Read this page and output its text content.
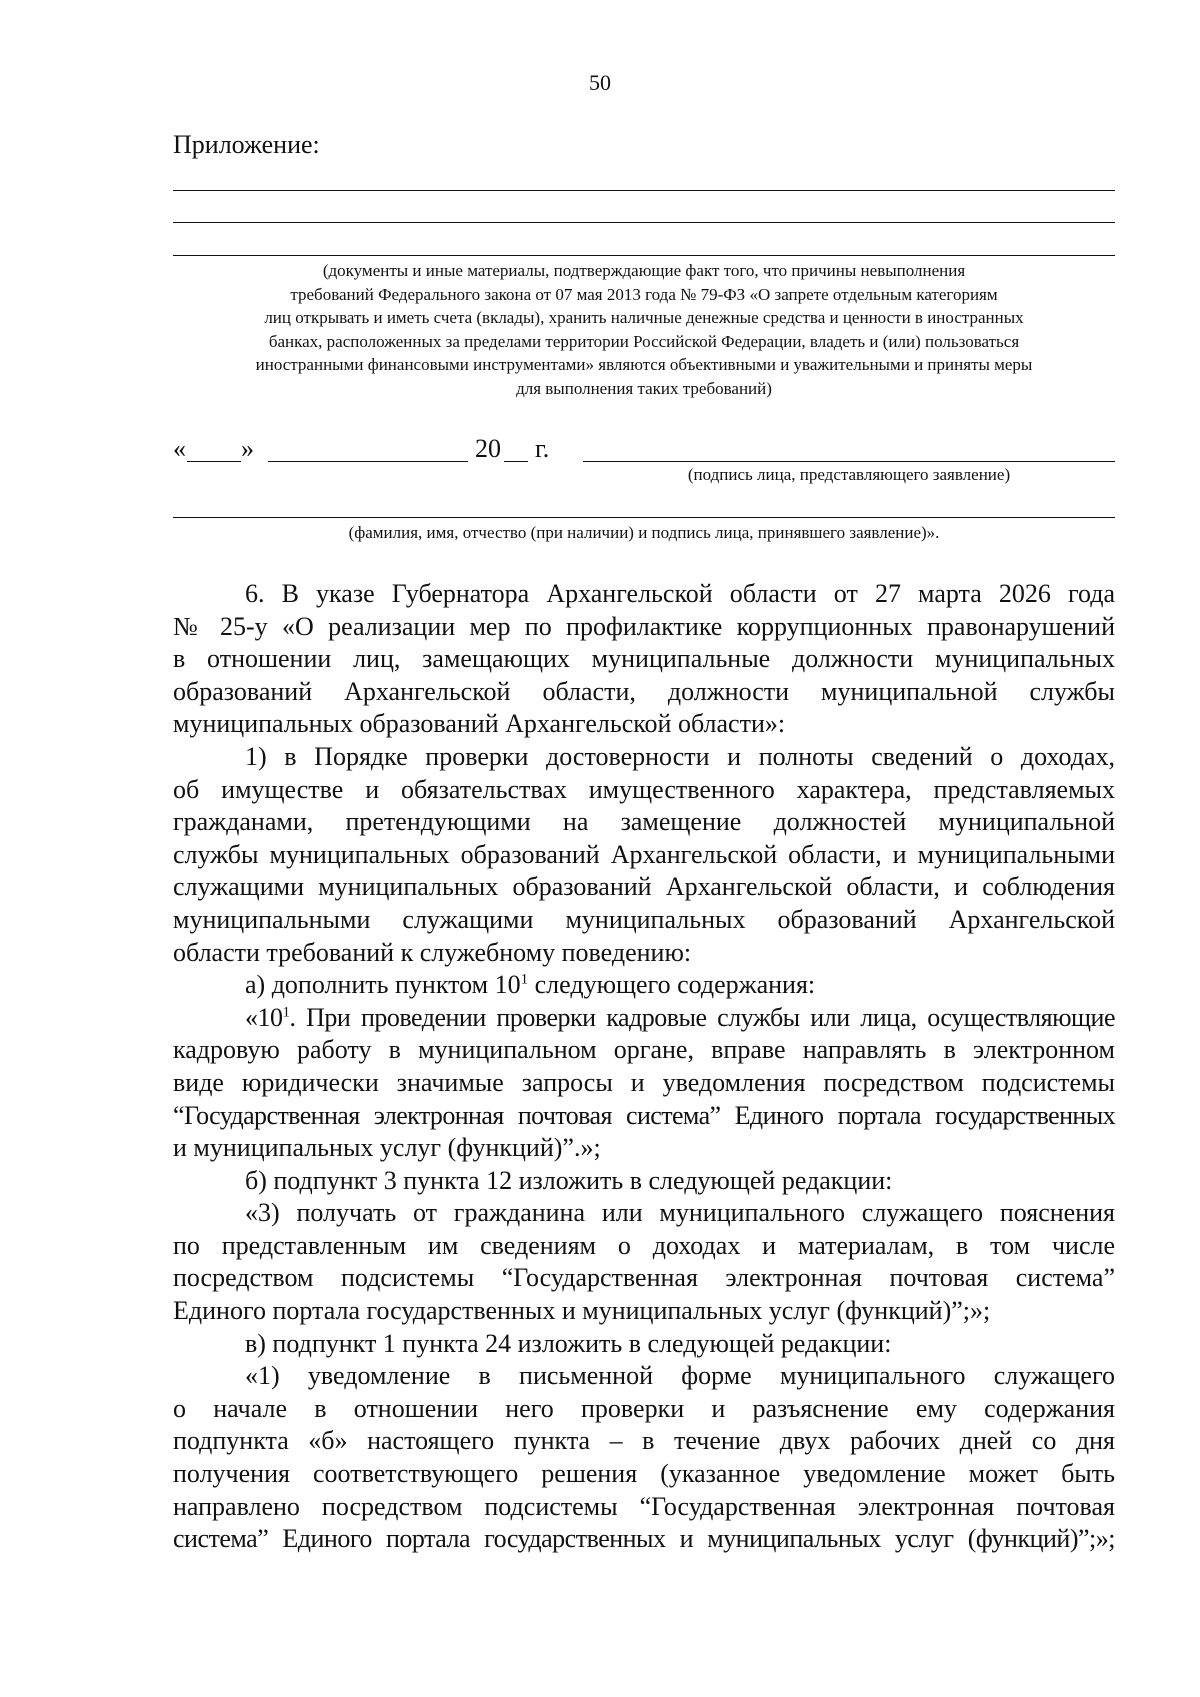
50
Приложение:
(документы и иные материалы, подтверждающие факт того, что причины невыполнения
требований Федерального закона от 07 мая 2013 года № 79-ФЗ «О запрете отдельным категориям
лиц открывать и иметь счета (вклады), хранить наличные денежные средства и ценности в иностранных
банках, расположенных за пределами территории Российской Федерации, владеть и (или) пользоваться
иностранными финансовыми инструментами» являются объективными и уважительными и приняты меры
для выполнения таких требований)
« »	20 г.
(подпись лица, представляющего заявление)
(фамилия, имя, отчество (при наличии) и подпись лица, принявшего заявление)».

6. В указе Губернатора Архангельской области от 27 марта 2026 года

№ 25-у «О реализации мер по профилактике коррупционных правонарушений

в отношении лиц, замещающих муниципальные должности муниципальных

образований Архангельской области, должности муниципальной службы

муниципальных образований Архангельской области»:

1) в Порядке проверки достоверности и полноты сведений о доходах,

об имуществе и обязательствах имущественного характера, представляемых

гражданами, претендующими на замещение должностей муниципальной

службы муниципальных образований Архангельской области, и муниципальными

служащими муниципальных образований Архангельской области, и соблюдения

муниципальными служащими муниципальных образований Архангельской

области требований к служебному поведению:

а) дополнить пунктом $10^1$ следующего содержания:

«$10^1$. При проведении проверки кадровые службы или лица, осуществляющие

кадровую работу в муниципальном органе, вправе направлять в электронном

виде юридически значимые запросы и уведомления посредством подсистемы

“Государственная электронная почтовая система” Единого портала государственных

и муниципальных услуг (функций)”.»;

б) подпункт 3 пункта 12 изложить в следующей редакции:

«3) получать от гражданина или муниципального служащего пояснения

по представленным им сведениям о доходах и материалам, в том числе

посредством подсистемы “Государственная электронная почтовая система”

Единого портала государственных и муниципальных услуг (функций)”;»;

в) подпункт 1 пункта 24 изложить в следующей редакции:

«1) уведомление в письменной форме муниципального служащего

о начале в отношении него проверки и разъяснение ему содержания

подпункта «б» настоящего пункта – в течение двух рабочих дней со дня

получения соответствующего решения (указанное уведомление может быть

направлено посредством подсистемы “Государственная электронная почтовая

система” Единого портала государственных и муниципальных услуг (функций)”;»;
